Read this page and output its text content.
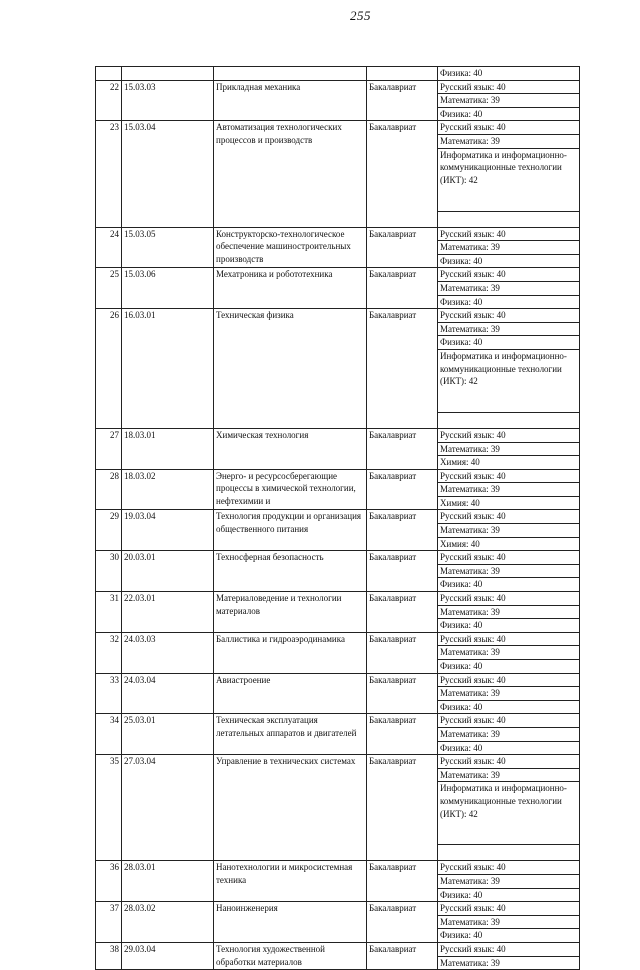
255
				Физика: 40
22	15.03.03	Прикладная механика	Бакалавриат	Русский язык: 40
				Математика: 39
				Физика: 40
23	15.03.04	Автоматизация технологических процессов и производств	Бакалавриат	Русский язык: 40
				Математика: 39
				Информатика и информационно-коммуникационные технологии (ИКТ): 42

24	15.03.05	Конструкторско-технологическое обеспечение машиностроительных производств	Бакалавриат	Русский язык: 40
				Математика: 39
				Физика: 40
25	15.03.06	Мехатроника и робототехника	Бакалавриат	Русский язык: 40
				Математика: 39
				Физика: 40
26	16.03.01	Техническая физика	Бакалавриат	Русский язык: 40
				Математика: 39
				Физика: 40
				Информатика и информационно-коммуникационные технологии (ИКТ): 42

27	18.03.01	Химическая технология	Бакалавриат	Русский язык: 40
				Математика: 39
				Химия: 40
28	18.03.02	Энерго- и ресурсосберегающие процессы в химической технологии, нефтехимии и	Бакалавриат	Русский язык: 40
				Математика: 39
				Химия: 40
29	19.03.04	Технология продукции и организация общественного питания	Бакалавриат	Русский язык: 40
				Математика: 39
				Химия: 40
30	20.03.01	Техносферная безопасность	Бакалавриат	Русский язык: 40
				Математика: 39
				Физика: 40
31	22.03.01	Материаловедение и технологии материалов	Бакалавриат	Русский язык: 40
				Математика: 39
				Физика: 40
32	24.03.03	Баллистика и гидроаэродинамика	Бакалавриат	Русский язык: 40
				Математика: 39
				Физика: 40
33	24.03.04	Авиастроение	Бакалавриат	Русский язык: 40
				Математика: 39
				Физика: 40
34	25.03.01	Техническая эксплуатация летательных аппаратов и двигателей	Бакалавриат	Русский язык: 40
				Математика: 39
				Физика: 40
35	27.03.04	Управление в технических системах	Бакалавриат	Русский язык: 40
				Математика: 39
				Информатика и информационно-коммуникационные технологии (ИКТ): 42

36	28.03.01	Нанотехнологии и микросистемная техника	Бакалавриат	Русский язык: 40
				Математика: 39
				Физика: 40
37	28.03.02	Наноинженерия	Бакалавриат	Русский язык: 40
				Математика: 39
				Физика: 40
38	29.03.04	Технология художественной обработки материалов	Бакалавриат	Русский язык: 40
				Математика: 39
